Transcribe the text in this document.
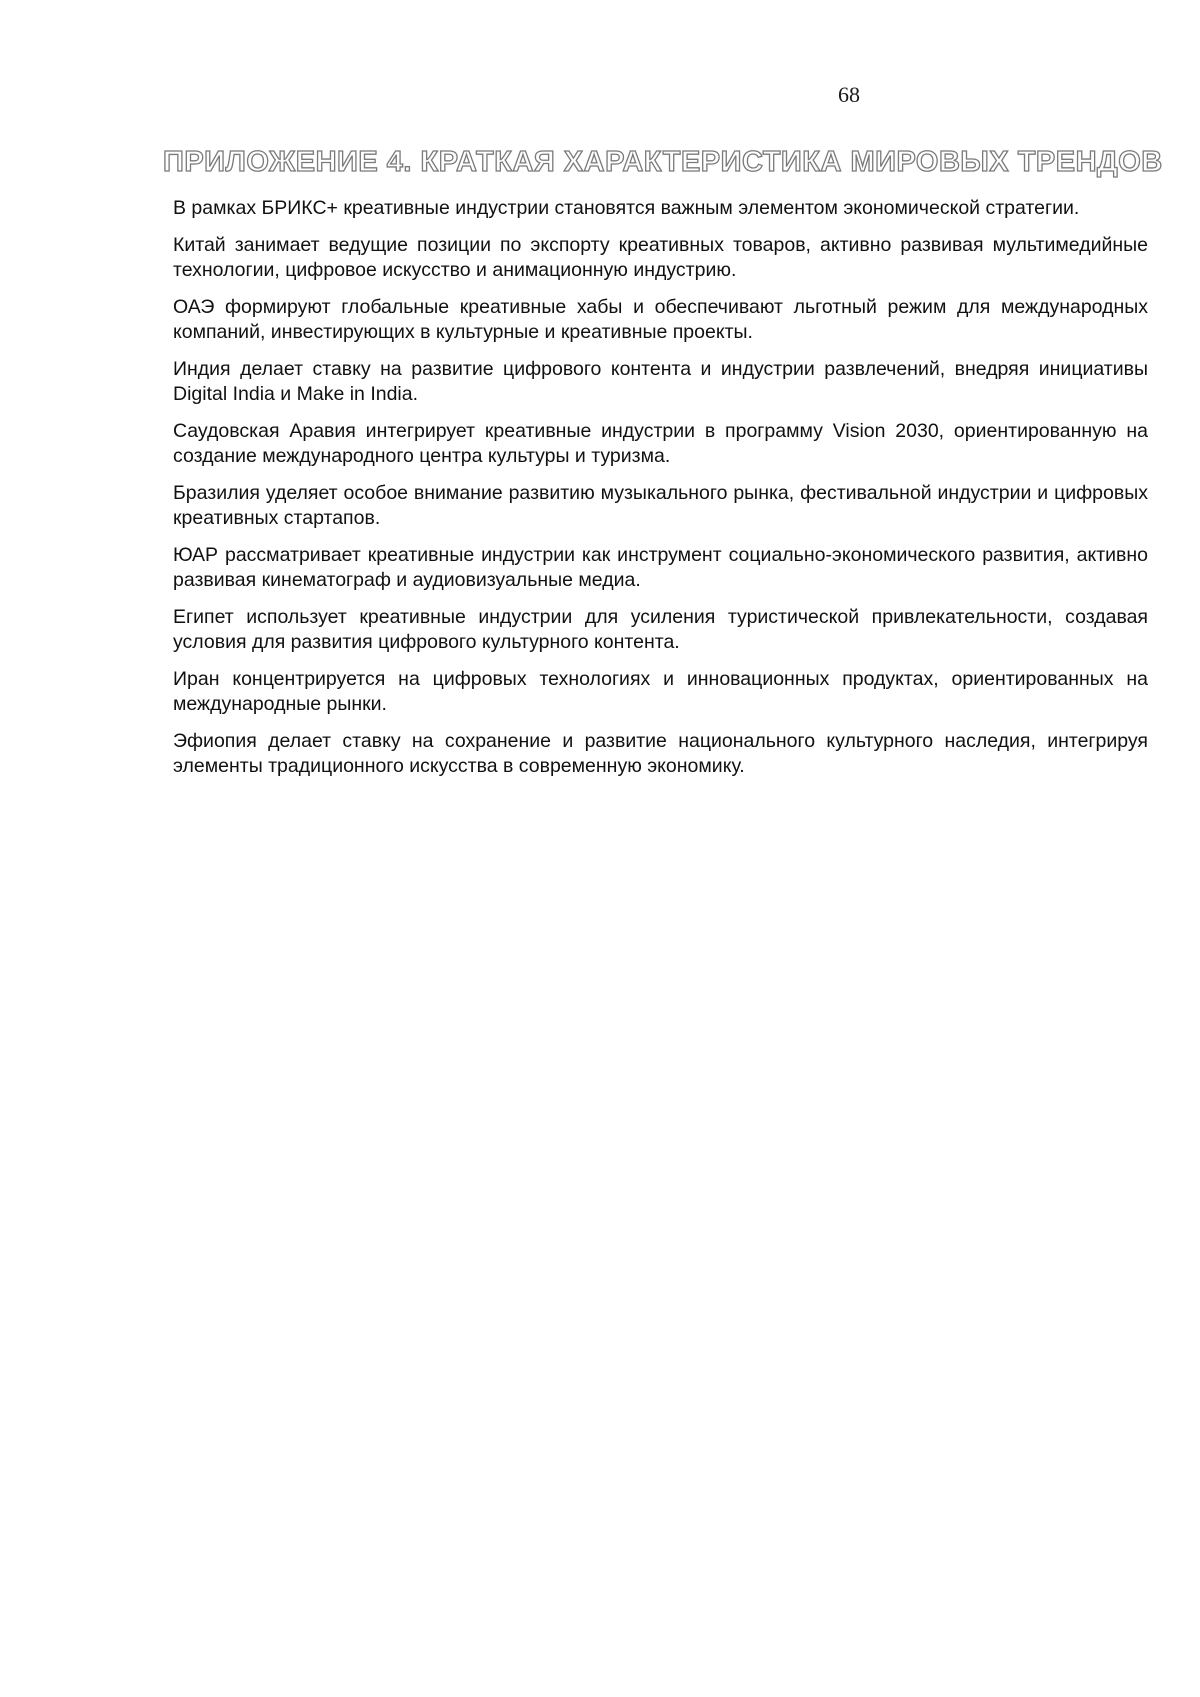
68
ПРИЛОЖЕНИЕ 4. КРАТКАЯ ХАРАКТЕРИСТИКА МИРОВЫХ ТРЕНДОВ

В рамках БРИКС+ креативные индустрии становятся важным элементом экономической стратегии.

Китай занимает ведущие позиции по экспорту креативных товаров, активно развивая мультимедийные технологии, цифровое искусство и анимационную индустрию.

ОАЭ формируют глобальные креативные хабы и обеспечивают льготный режим для международных компаний, инвестирующих в культурные и креативные проекты.

Индия делает ставку на развитие цифрового контента и индустрии развлечений, внедряя инициативы Digital India и Make in India.

Саудовская Аравия интегрирует креативные индустрии в программу Vision 2030, ориентированную на создание международного центра культуры и туризма.

Бразилия уделяет особое внимание развитию музыкального рынка, фестивальной индустрии и цифровых креативных стартапов.

ЮАР рассматривает креативные индустрии как инструмент социально-экономического развития, активно развивая кинематограф и аудиовизуальные медиа.

Египет использует креативные индустрии для усиления туристической привлекательности, создавая условия для развития цифрового культурного контента.

Иран концентрируется на цифровых технологиях и инновационных продуктах, ориентированных на международные рынки.

Эфиопия делает ставку на сохранение и развитие национального культурного наследия, интегрируя элементы традиционного искусства в современную экономику.
